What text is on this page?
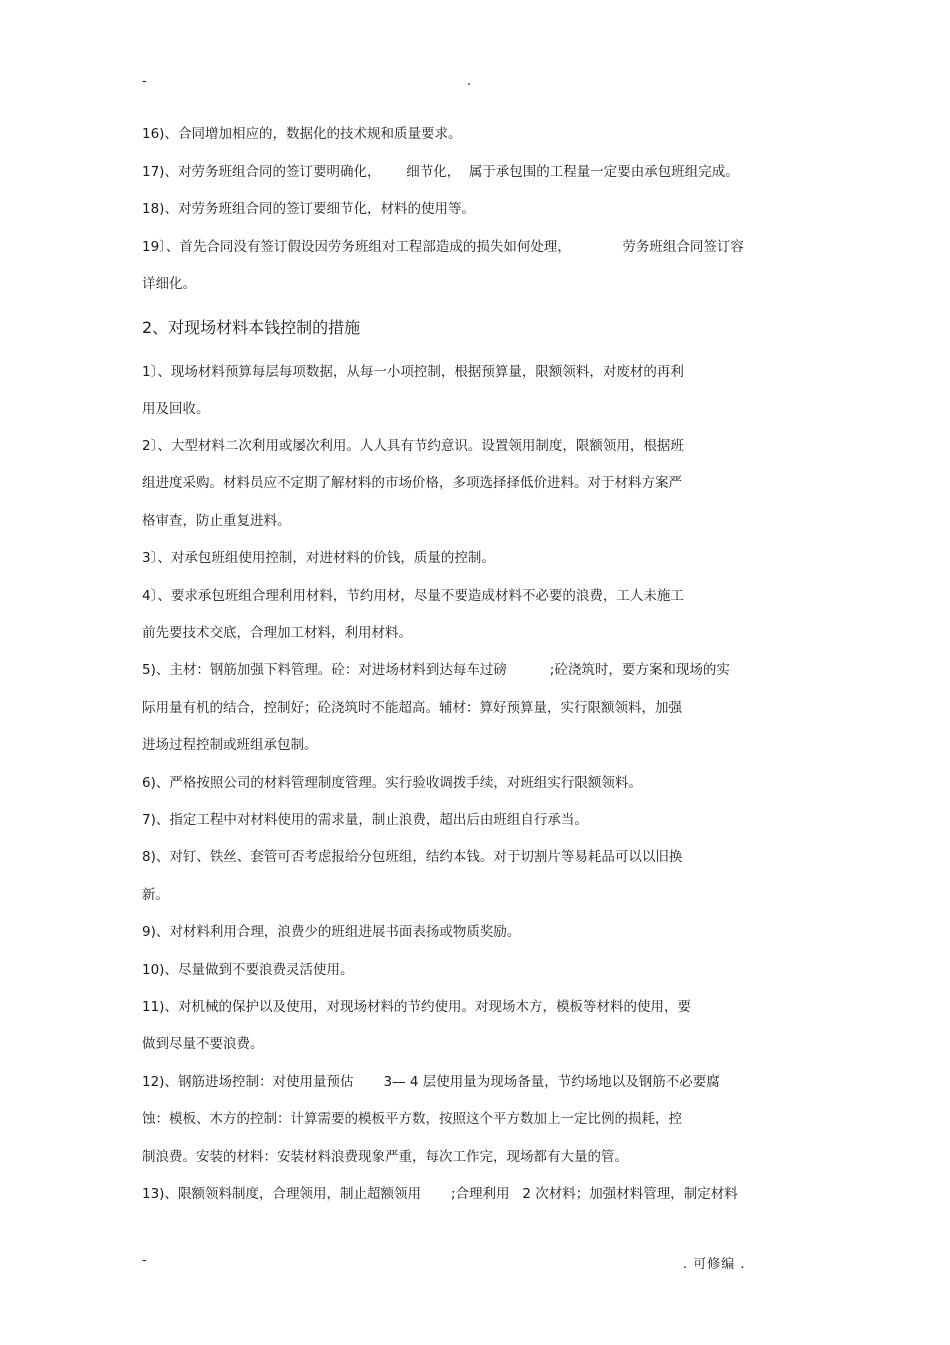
-	.
16)、合同增加相应的，数据化的技术规和质量要求。
17)、对劳务班组合同的签订要明确化，      细节化，  属于承包围的工程量一定要由承包班组完成。
18)、对劳务班组合同的签订要细节化，材料的使用等。
19〕、首先合同没有签订假设因劳务班组对工程部造成的损失如何处理，            劳务班组合同签订容
详细化。
2、对现场材料本钱控制的措施
1〕、现场材料预算每层每项数据，从每一小项控制，根据预算量，限额领料，对废材的再利
用及回收。
2〕、大型材料二次利用或屡次利用。人人具有节约意识。设置领用制度，限额领用，根据班
组进度采购。材料员应不定期了解材料的市场价格，多项选择择低价进料。对于材料方案严
格审查，防止重复进料。
3〕、对承包班组使用控制，对进材料的价钱，质量的控制。
4〕、要求承包班组合理利用材料，节约用材，尽量不要造成材料不必要的浪费，工人未施工
前先要技术交底，合理加工材料，利用材料。
5)、主材：钢筋加强下料管理。砼：对进场材料到达每车过磅          ;砼浇筑时，要方案和现场的实
际用量有机的结合，控制好；砼浇筑时不能超高。辅材：算好预算量，实行限额领料，加强
进场过程控制或班组承包制。
6)、严格按照公司的材料管理制度管理。实行验收调拨手续，对班组实行限额领料。
7)、指定工程中对材料使用的需求量，制止浪费，超出后由班组自行承当。
8)、对钉、铁丝、套管可否考虑报给分包班组，结约本钱。对于切割片等易耗品可以以旧换
新。
9)、对材料利用合理，浪费少的班组进展书面表扬或物质奖励。
10)、尽量做到不要浪费灵活使用。
11)、对机械的保护以及使用，对现场材料的节约使用。对现场木方，模板等材料的使用，要
做到尽量不要浪费。
12)、钢筋进场控制：对使用量预估       3— 4 层使用量为现场备量，节约场地以及钢筋不必要腐
蚀：模板、木方的控制：计算需要的模板平方数，按照这个平方数加上一定比例的损耗，控
制浪费。安装的材料：安装材料浪费现象严重，每次工作完，现场都有大量的管。
13)、限额领料制度，合理领用，制止超额领用       ;合理利用   2 次材料；加强材料管理，制定材料
-	. 可修编 .
